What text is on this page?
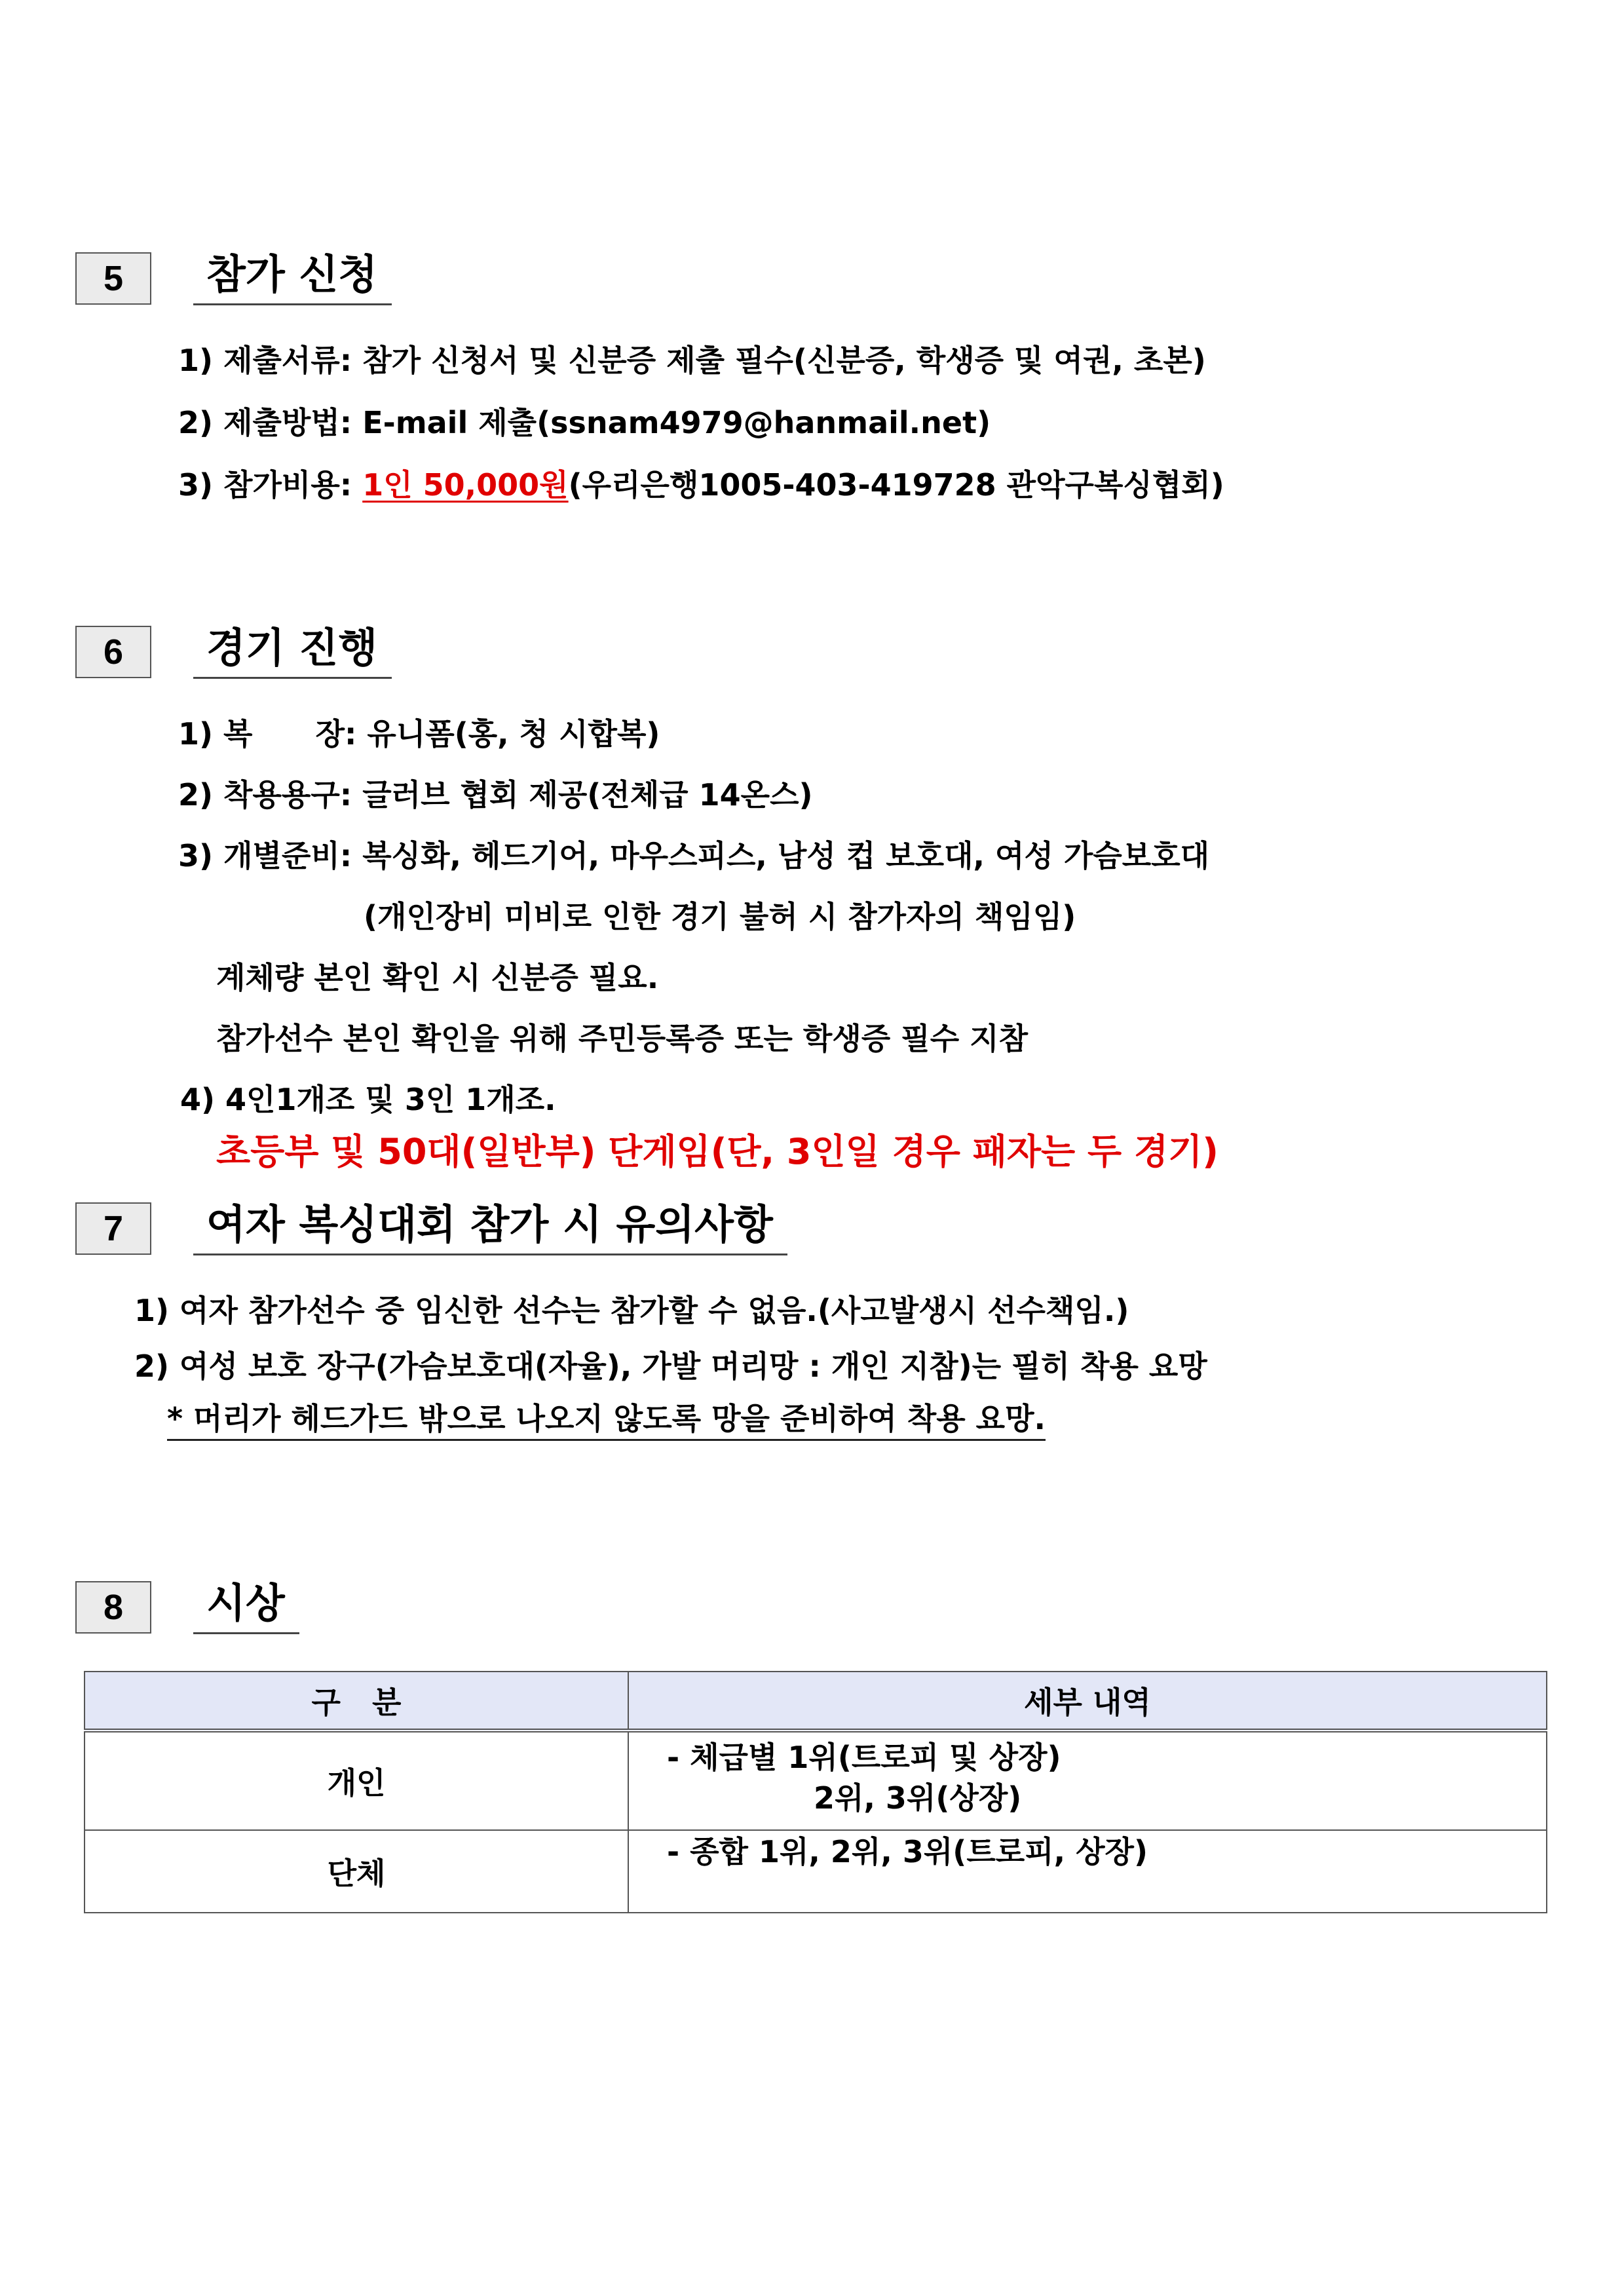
5	참가 신청
1) 제출서류: 참가 신청서 및 신분증 제출 필수(신분증, 학생증 및 여권, 초본)
2) 제출방법: E-mail 제출(ssnam4979@hanmail.net)
3) 참가비용: 1인 50,000원(우리은행1005-403-419728 관악구복싱협회)
6	경기 진행
1) 복      장: 유니폼(홍, 청 시합복)
2) 착용용구: 글러브 협회 제공(전체급 14온스)
3) 개별준비: 복싱화, 헤드기어, 마우스피스, 남성 컵 보호대, 여성 가슴보호대
(개인장비 미비로 인한 경기 불허 시 참가자의 책임임)
계체량 본인 확인 시 신분증 필요.
참가선수 본인 확인을 위해 주민등록증 또는 학생증 필수 지참
4) 4인1개조 및 3인 1개조.
초등부 및 50대(일반부) 단게임(단, 3인일 경우 패자는 두 경기)
7	여자 복싱대회 참가 시 유의사항
1) 여자 참가선수 중 임신한 선수는 참가할 수 없음.(사고발생시 선수책임.)
2) 여성 보호 장구(가슴보호대(자율), 가발 머리망 : 개인 지참)는 필히 착용 요망
* 머리가 헤드가드 밖으로 나오지 않도록 망을 준비하여 착용 요망.
8	시상
구   분	세부 내역
개인	- 체급별 1위(트로피 및 상장)
2위, 3위(상장)

단체	- 종합 1위, 2위, 3위(트로피, 상장)
